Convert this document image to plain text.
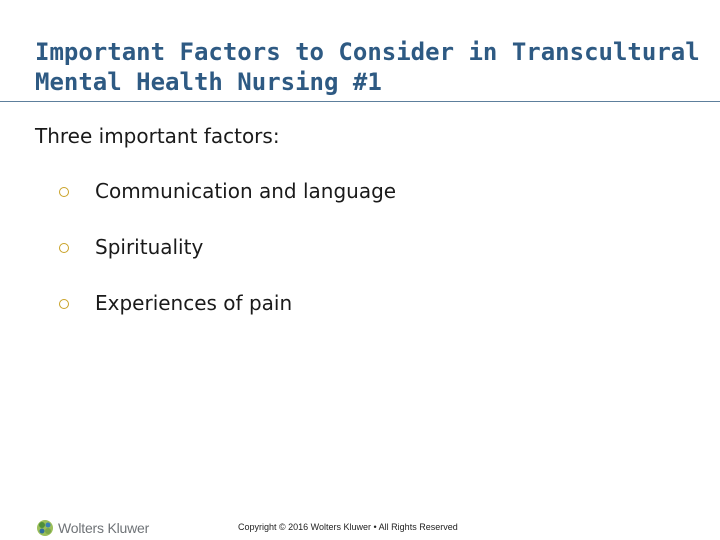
Important Factors to Consider in Transcultural Mental Health Nursing #1

Three important factors:

Communication and language
Spirituality
Experiences of pain
Wolters Kluwer	Copyright © 2016 Wolters Kluwer • All Rights Reserved
